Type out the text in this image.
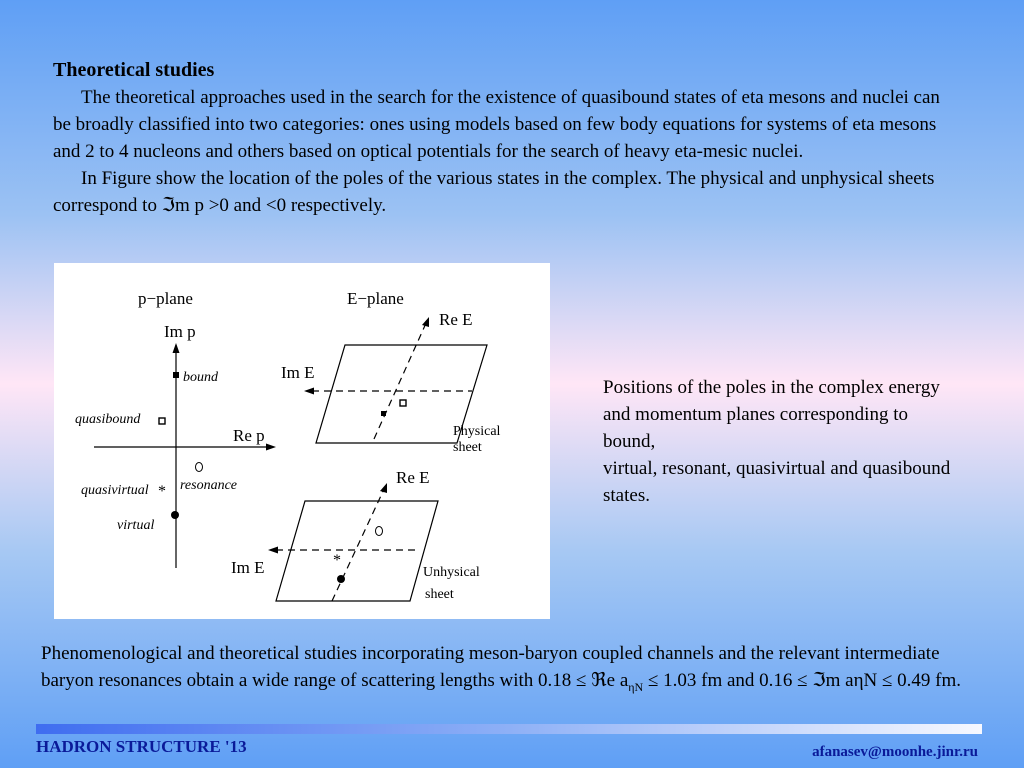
Theoretical studies
The theoretical approaches used in the search for the existence of quasibound states of eta mesons and nuclei can be broadly classified into two categories: ones using models based on few body equations for systems of eta mesons and 2 to 4 nucleons and others based on optical potentials for the search of heavy eta-mesic nuclei.
In Figure show the location of the poles of the various states in the complex. The physical and unphysical sheets correspond to ℑm p >0 and <0 respectively.
p−plane
Im p
Re p
bound
quasibound
resonance
quasivirtual *
virtual
E−plane
Re E
Im E
Physical
sheet
Re E
Im E	*
Unhysical
sheet
Positions of the poles in the complex energy and momentum planes corresponding to bound,
virtual, resonant, quasivirtual and quasibound states.
Phenomenological and theoretical studies incorporating meson-baryon coupled channels and the relevant intermediate baryon resonances obtain a wide range of scattering lengths with 0.18 ≤ ℜe $a_{\eta N} \le 1.03$ fm and 0.16 ≤ ℑm aηN ≤ 0.49 fm.
HADRON STRUCTURE '13	afanasev@moonhe.jinr.ru
